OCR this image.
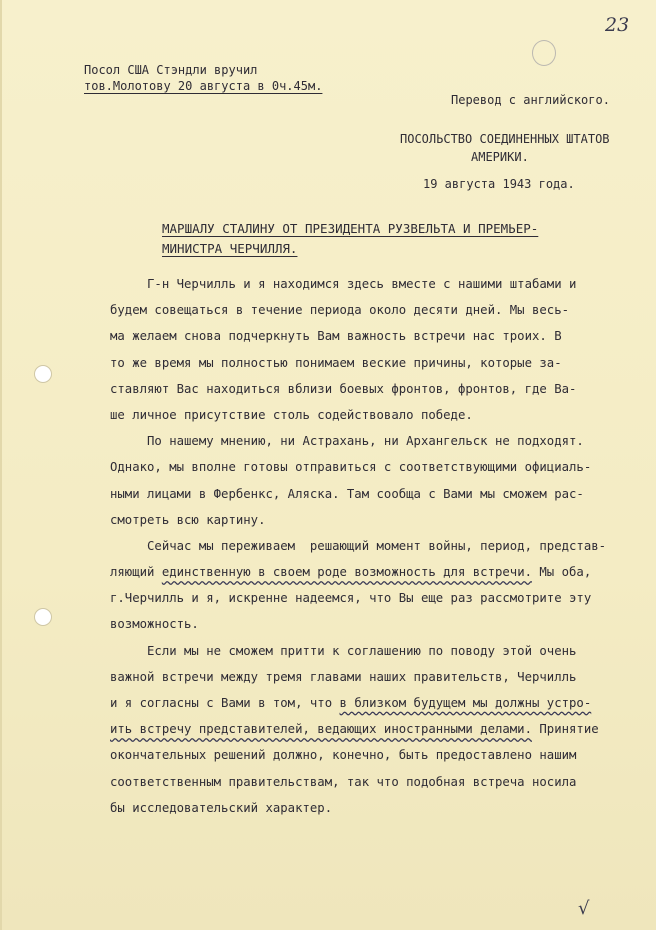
23
Посол США Стэндли вручил
тов.Молотову 20 августа в 0ч.45м.
Перевод с английского.
ПОСОЛЬСТВО СОЕДИНЕННЫХ ШТАТОВ
АМЕРИКИ.
19 августа 1943 года.
МАРШАЛУ СТАЛИНУ ОТ ПРЕЗИДЕНТА РУЗВЕЛЬТА И ПРЕМЬЕР-
МИНИСТРА ЧЕРЧИЛЛЯ.
Г-н Черчилль и я находимся здесь вместе с нашими штабами и
будем совещаться в течение периода около десяти дней. Мы весь-
ма желаем снова подчеркнуть Вам важность встречи нас троих. В
то же время мы полностью понимаем веские причины, которые за-
ставляют Вас находиться вблизи боевых фронтов, фронтов, где Ва-
ше личное присутствие столь содействовало победе.
По нашему мнению, ни Астрахань, ни Архангельск не подходят.
Однако, мы вполне готовы отправиться с соответствующими официаль-
ными лицами в Фербенкс, Аляска. Там сообща с Вами мы сможем рас-
смотреть всю картину.
Сейчас мы переживаем  решающий момент войны, период, представ-
ляющий единственную в своем роде возможность для встречи. Мы оба,
г.Черчилль и я, искренне надеемся, что Вы еще раз рассмотрите эту
возможность.
Если мы не сможем притти к соглашению по поводу этой очень
важной встречи между тремя главами наших правительств, Черчилль
и я согласны с Вами в том, что в близком будущем мы должны устро-
ить встречу представителей, ведающих иностранными делами. Принятие
окончательных решений должно, конечно, быть предоставлено нашим
соответственным правительствам, так что подобная встреча носила
бы исследовательский характер.
√
